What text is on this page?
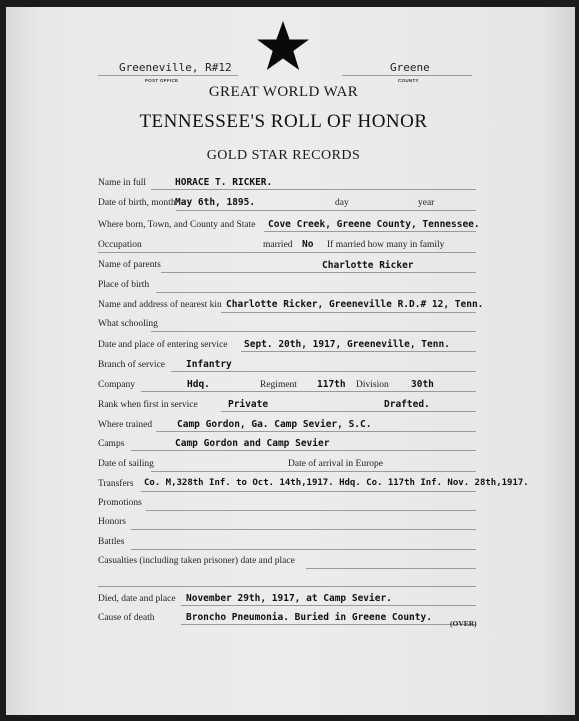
Greeneville, R#12
POST OFFICE
Greene
COUNTY
GREAT WORLD WAR
TENNESSEE'S ROLL OF HONOR
GOLD STAR RECORDS
Name in full	HORACE T. RICKER.
Date of birth, month May 6th, 1895.	day	year
Where born, Town, and County and State Cove Creek, Greene County, Tennessee.
Occupation	married No If married how many in family
Name of parents	Charlotte Ricker
Place of birth
Name and address of nearest kin Charlotte Ricker, Greeneville R.D.# 12, Tenn.
What schooling
Date and place of entering service Sept. 20th, 1917, Greeneville, Tenn.
Branch of service Infantry
Company	Hdq.	Regiment 117th Division 30th
Rank when first in service	Private	Drafted.
Where trained	Camp Gordon, Ga. Camp Sevier, S.C.
Camps	Camp Gordon and Camp Sevier
Date of sailing	Date of arrival in Europe
Transfers Co. M,328th Inf. to Oct. 14th,1917. Hdq. Co. 117th Inf. Nov. 28th,1917.
Promotions
Honors
Battles
Casualties (including taken prisoner) date and place
Died, date and place November 29th, 1917, at Camp Sevier.
Cause of death	Broncho Pneumonia. Buried in Greene County.
(OVER)
